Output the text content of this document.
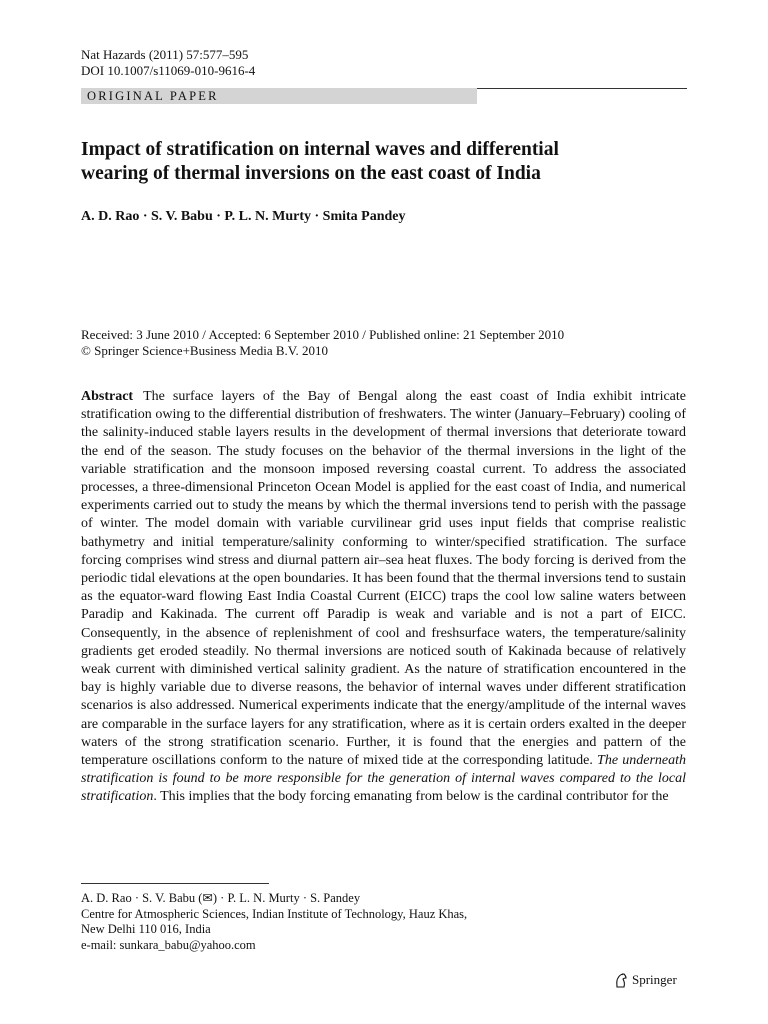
Nat Hazards (2011) 57:577–595
DOI 10.1007/s11069-010-9616-4
ORIGINAL PAPER
Impact of stratification on internal waves and differential
wearing of thermal inversions on the east coast of India
A. D. Rao · S. V. Babu · P. L. N. Murty · Smita Pandey
Received: 3 June 2010 / Accepted: 6 September 2010 / Published online: 21 September 2010
© Springer Science+Business Media B.V. 2010
Abstract The surface layers of the Bay of Bengal along the east coast of India exhibit intricate stratification owing to the differential distribution of freshwaters. The winter (January–February) cooling of the salinity-induced stable layers results in the development of thermal inversions that deteriorate toward the end of the season. The study focuses on the behavior of the thermal inversions in the light of the variable stratification and the monsoon imposed reversing coastal current. To address the associated processes, a three-dimensional Princeton Ocean Model is applied for the east coast of India, and numerical experiments carried out to study the means by which the thermal inversions tend to perish with the passage of winter. The model domain with variable curvilinear grid uses input fields that comprise realistic bathymetry and initial temperature/salinity conforming to winter/specified stratification. The surface forcing comprises wind stress and diurnal pattern air–sea heat fluxes. The body forcing is derived from the periodic tidal elevations at the open boundaries. It has been found that the thermal inversions tend to sustain as the equator-ward flowing East India Coastal Current (EICC) traps the cool low saline waters between Paradip and Kakinada. The current off Paradip is weak and variable and is not a part of EICC. Consequently, in the absence of replenishment of cool and freshsurface waters, the temperature/salinity gradients get eroded steadily. No thermal inversions are noticed south of Kakinada because of relatively weak current with diminished vertical salinity gradient. As the nature of stratification encountered in the bay is highly variable due to diverse reasons, the behavior of internal waves under different stratification scenarios is also addressed. Numerical experiments indicate that the energy/amplitude of the internal waves are comparable in the surface layers for any stratification, where as it is certain orders exalted in the deeper waters of the strong stratification scenario. Further, it is found that the energies and pattern of the temperature oscillations conform to the nature of mixed tide at the corresponding latitude. The underneath stratification is found to be more responsible for the generation of internal waves compared to the local stratification. This implies that the body forcing emanating from below is the cardinal contributor for the
A. D. Rao · S. V. Babu (✉) · P. L. N. Murty · S. Pandey
Centre for Atmospheric Sciences, Indian Institute of Technology, Hauz Khas,
New Delhi 110 016, India
e-mail: sunkara_babu@yahoo.com
Springer
